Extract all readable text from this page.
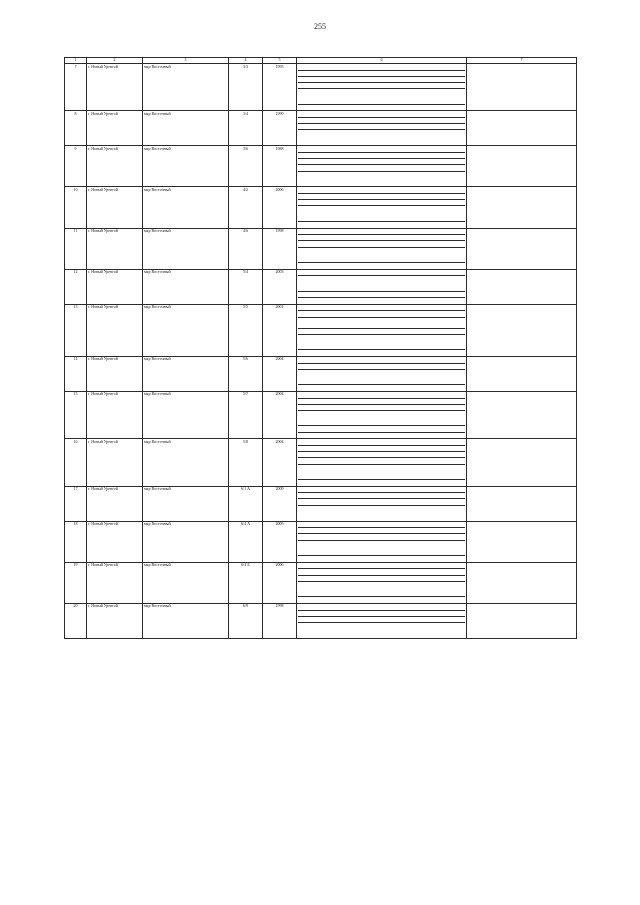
255
1	2	3	4	5	6	7
7	г. Новый Уренгой	мкр Восточный	3/3	1995	

8	г. Новый Уренгой	мкр Восточный	3/4	1999	

9	г. Новый Уренгой	мкр Восточный	3/6	1988	

10	г. Новый Уренгой	мкр Восточный	4/2	2006	

11	г. Новый Уренгой	мкр Восточный	4/6	1998	

12	г. Новый Уренгой	мкр Восточный	5/4	2003	

13	г. Новый Уренгой	мкр Восточный	5/5	2001	

14	г. Новый Уренгой	мкр Восточный	5/6	2004	

15	г. Новый Уренгой	мкр Восточный	5/7	2004	

16	г. Новый Уренгой	мкр Восточный	5/8	2004	

17	г. Новый Уренгой	мкр Восточный	6/1 А	2009	

18	г. Новый Уренгой	мкр Восточный	6/4 А	2005	

19	г. Новый Уренгой	мкр Восточный	6/4 Б	2006	

20	г. Новый Уренгой	мкр Восточный	6/9	1998	
